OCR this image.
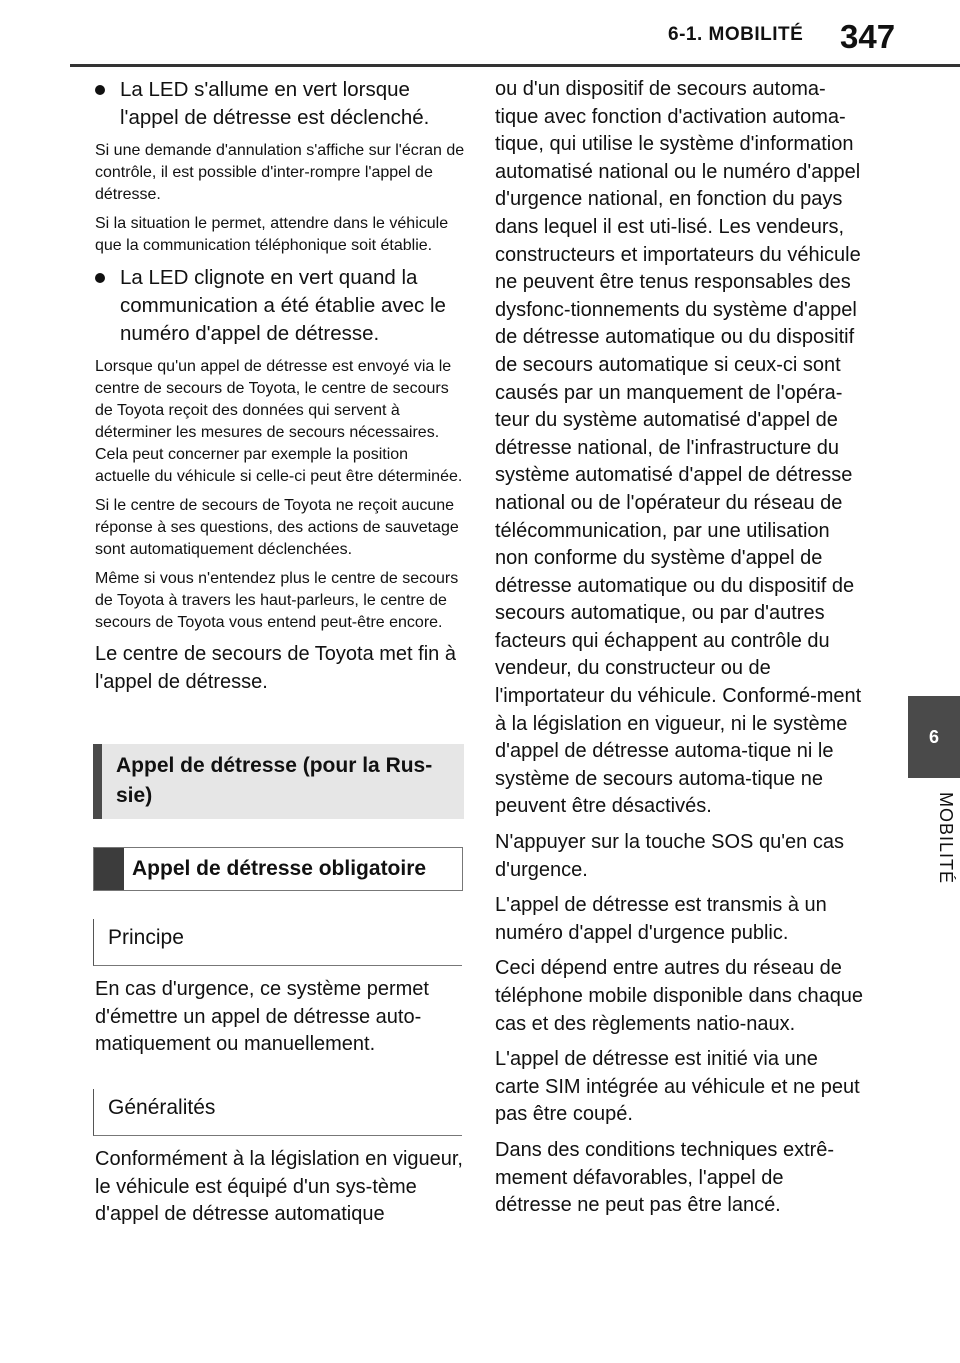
6-1. MOBILITÉ 347
6
MOBILITÉ
La LED s'allume en vert lorsque l'appel de détresse est déclenché.

Si une demande d'annulation s'affiche sur l'écran de contrôle, il est possible d'inter-rompre l'appel de détresse.

Si la situation le permet, attendre dans le véhicule que la communication téléphonique soit établie.

La LED clignote en vert quand la communication a été établie avec le numéro d'appel de détresse.

Lorsque qu'un appel de détresse est envoyé via le centre de secours de Toyota, le centre de secours de Toyota reçoit des données qui servent à déterminer les mesures de secours nécessaires. Cela peut concerner par exemple la position actuelle du véhicule si celle-ci peut être déterminée.

Si le centre de secours de Toyota ne reçoit aucune réponse à ses questions, des actions de sauvetage sont automatiquement déclenchées.

Même si vous n'entendez plus le centre de secours de Toyota à travers les haut-parleurs, le centre de secours de Toyota vous entend peut-être encore.

Le centre de secours de Toyota met fin à l'appel de détresse.

Appel de détresse (pour la Rus-sie)
Appel de détresse obligatoire
Principe

En cas d'urgence, ce système permet d'émettre un appel de détresse auto-matiquement ou manuellement.

Généralités

Conformément à la législation en vigueur, le véhicule est équipé d'un sys-tème d'appel de détresse automatique

ou d'un dispositif de secours automa-tique avec fonction d'activation automa-tique, qui utilise le système d'information automatisé national ou le numéro d'appel d'urgence national, en fonction du pays dans lequel il est uti-lisé. Les vendeurs, constructeurs et importateurs du véhicule ne peuvent être tenus responsables des dysfonc-tionnements du système d'appel de détresse automatique ou du dispositif de secours automatique si ceux-ci sont causés par un manquement de l'opéra-teur du système automatisé d'appel de détresse national, de l'infrastructure du système automatisé d'appel de détresse national ou de l'opérateur du réseau de télécommunication, par une utilisation non conforme du système d'appel de détresse automatique ou du dispositif de secours automatique, ou par d'autres facteurs qui échappent au contrôle du vendeur, du constructeur ou de l'importateur du véhicule. Conformé-ment à la législation en vigueur, ni le système d'appel de détresse automa-tique ni le système de secours automa-tique ne peuvent être désactivés.

N'appuyer sur la touche SOS qu'en cas d'urgence.

L'appel de détresse est transmis à un numéro d'appel d'urgence public.

Ceci dépend entre autres du réseau de téléphone mobile disponible dans chaque cas et des règlements natio-naux.

L'appel de détresse est initié via une carte SIM intégrée au véhicule et ne peut pas être coupé.

Dans des conditions techniques extrê-mement défavorables, l'appel de détresse ne peut pas être lancé.
